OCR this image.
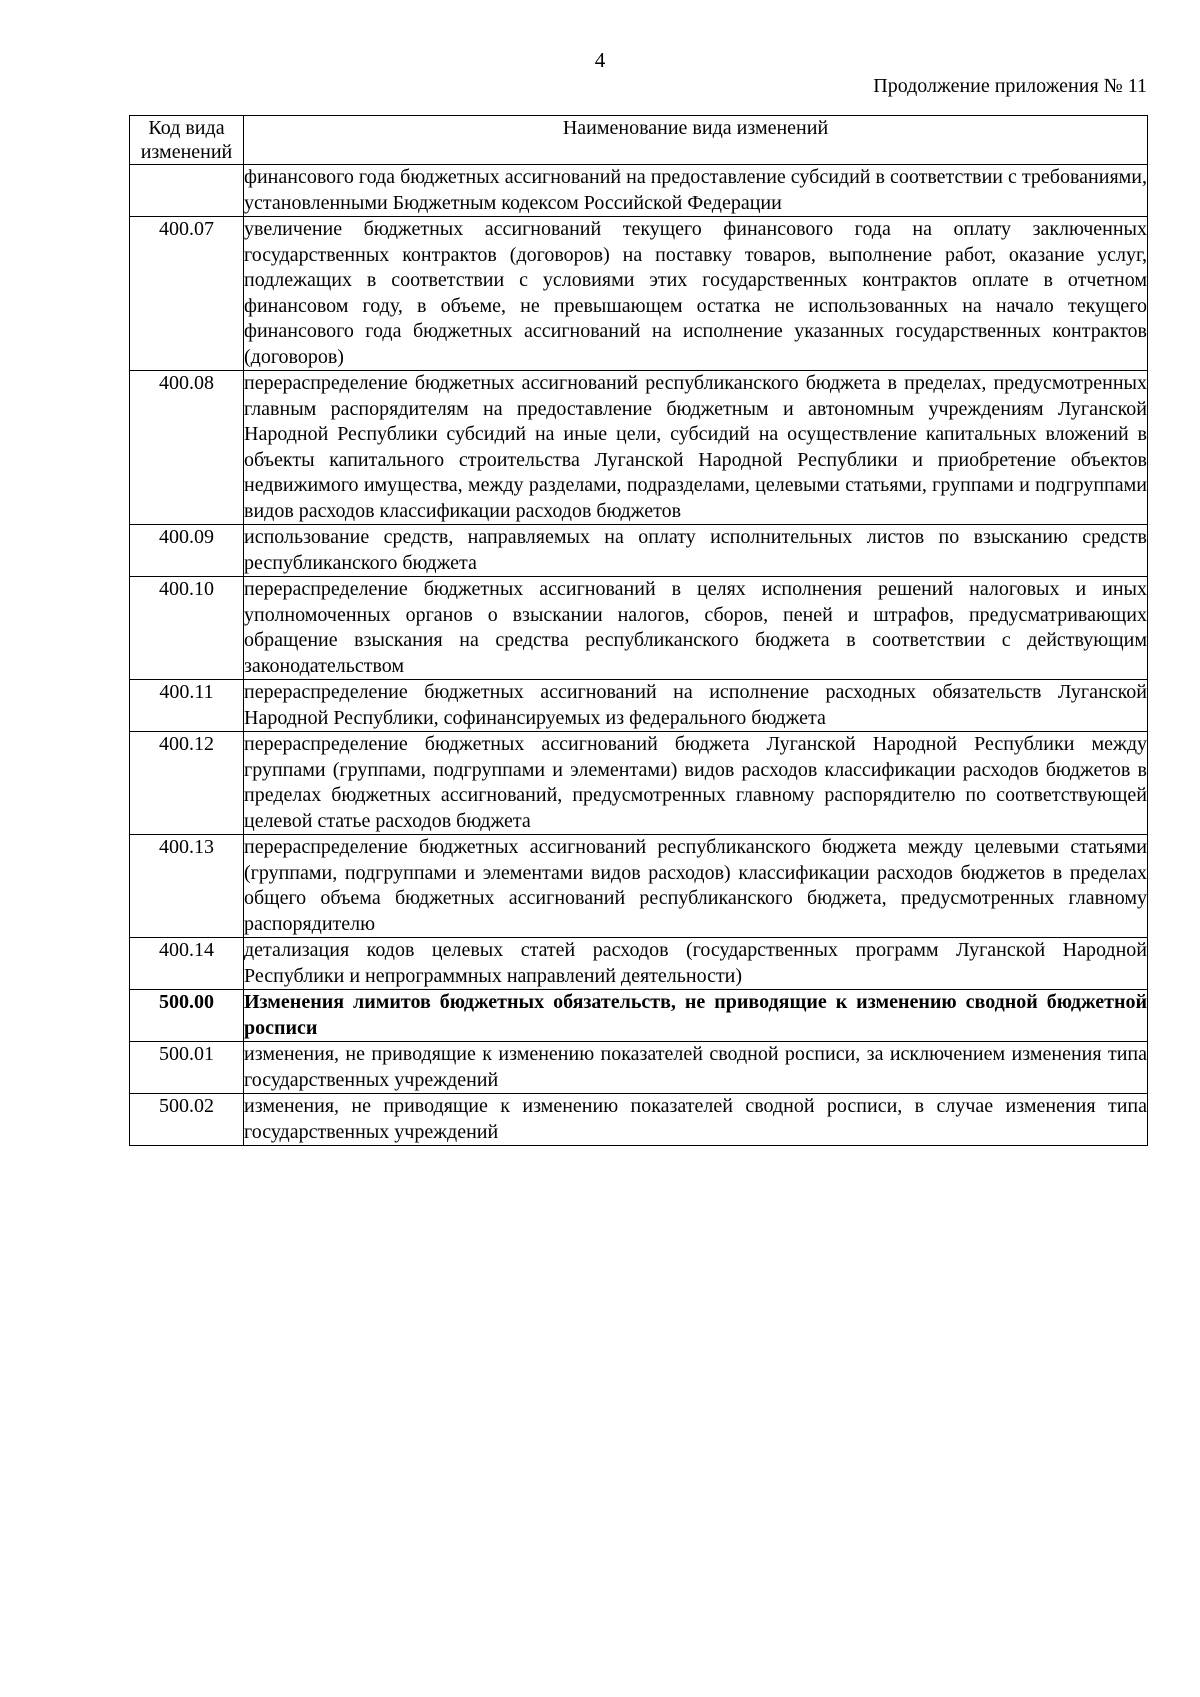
4
Продолжение приложения № 11
Код вида изменений	Наименование вида изменений
	финансового года бюджетных ассигнований на предоставление субсидий в соответствии с требованиями, установленными Бюджетным кодексом Российской Федерации
400.07	увеличение бюджетных ассигнований текущего финансового года на оплату заключенных государственных контрактов (договоров) на поставку товаров, выполнение работ, оказание услуг, подлежащих в соответствии с условиями этих государственных контрактов оплате в отчетном финансовом году, в объеме, не превышающем остатка не использованных на начало текущего финансового года бюджетных ассигнований на исполнение указанных государственных контрактов (договоров)
400.08	перераспределение бюджетных ассигнований республиканского бюджета в пределах, предусмотренных главным распорядителям на предоставление бюджетным и автономным учреждениям Луганской Народной Республики субсидий на иные цели, субсидий на осуществление капитальных вложений в объекты капитального строительства Луганской Народной Республики и приобретение объектов недвижимого имущества, между разделами, подразделами, целевыми статьями, группами и подгруппами видов расходов классификации расходов бюджетов
400.09	использование средств, направляемых на оплату исполнительных листов по взысканию средств республиканского бюджета
400.10	перераспределение бюджетных ассигнований в целях исполнения решений налоговых и иных уполномоченных органов о взыскании налогов, сборов, пеней и штрафов, предусматривающих обращение взыскания на средства республиканского бюджета в соответствии с действующим законодательством
400.11	перераспределение бюджетных ассигнований на исполнение расходных обязательств Луганской Народной Республики, софинансируемых из федерального бюджета
400.12	перераспределение бюджетных ассигнований бюджета Луганской Народной Республики между группами (группами, подгруппами и элементами) видов расходов классификации расходов бюджетов в пределах бюджетных ассигнований, предусмотренных главному распорядителю по соответствующей целевой статье расходов бюджета
400.13	перераспределение бюджетных ассигнований республиканского бюджета между целевыми статьями (группами, подгруппами и элементами видов расходов) классификации расходов бюджетов в пределах общего объема бюджетных ассигнований республиканского бюджета, предусмотренных главному распорядителю
400.14	детализация кодов целевых статей расходов (государственных программ Луганской Народной Республики и непрограммных направлений деятельности)
500.00	Изменения лимитов бюджетных обязательств, не приводящие к изменению сводной бюджетной росписи
500.01	изменения, не приводящие к изменению показателей сводной росписи, за исключением изменения типа государственных учреждений
500.02	изменения, не приводящие к изменению показателей сводной росписи, в случае изменения типа государственных учреждений
